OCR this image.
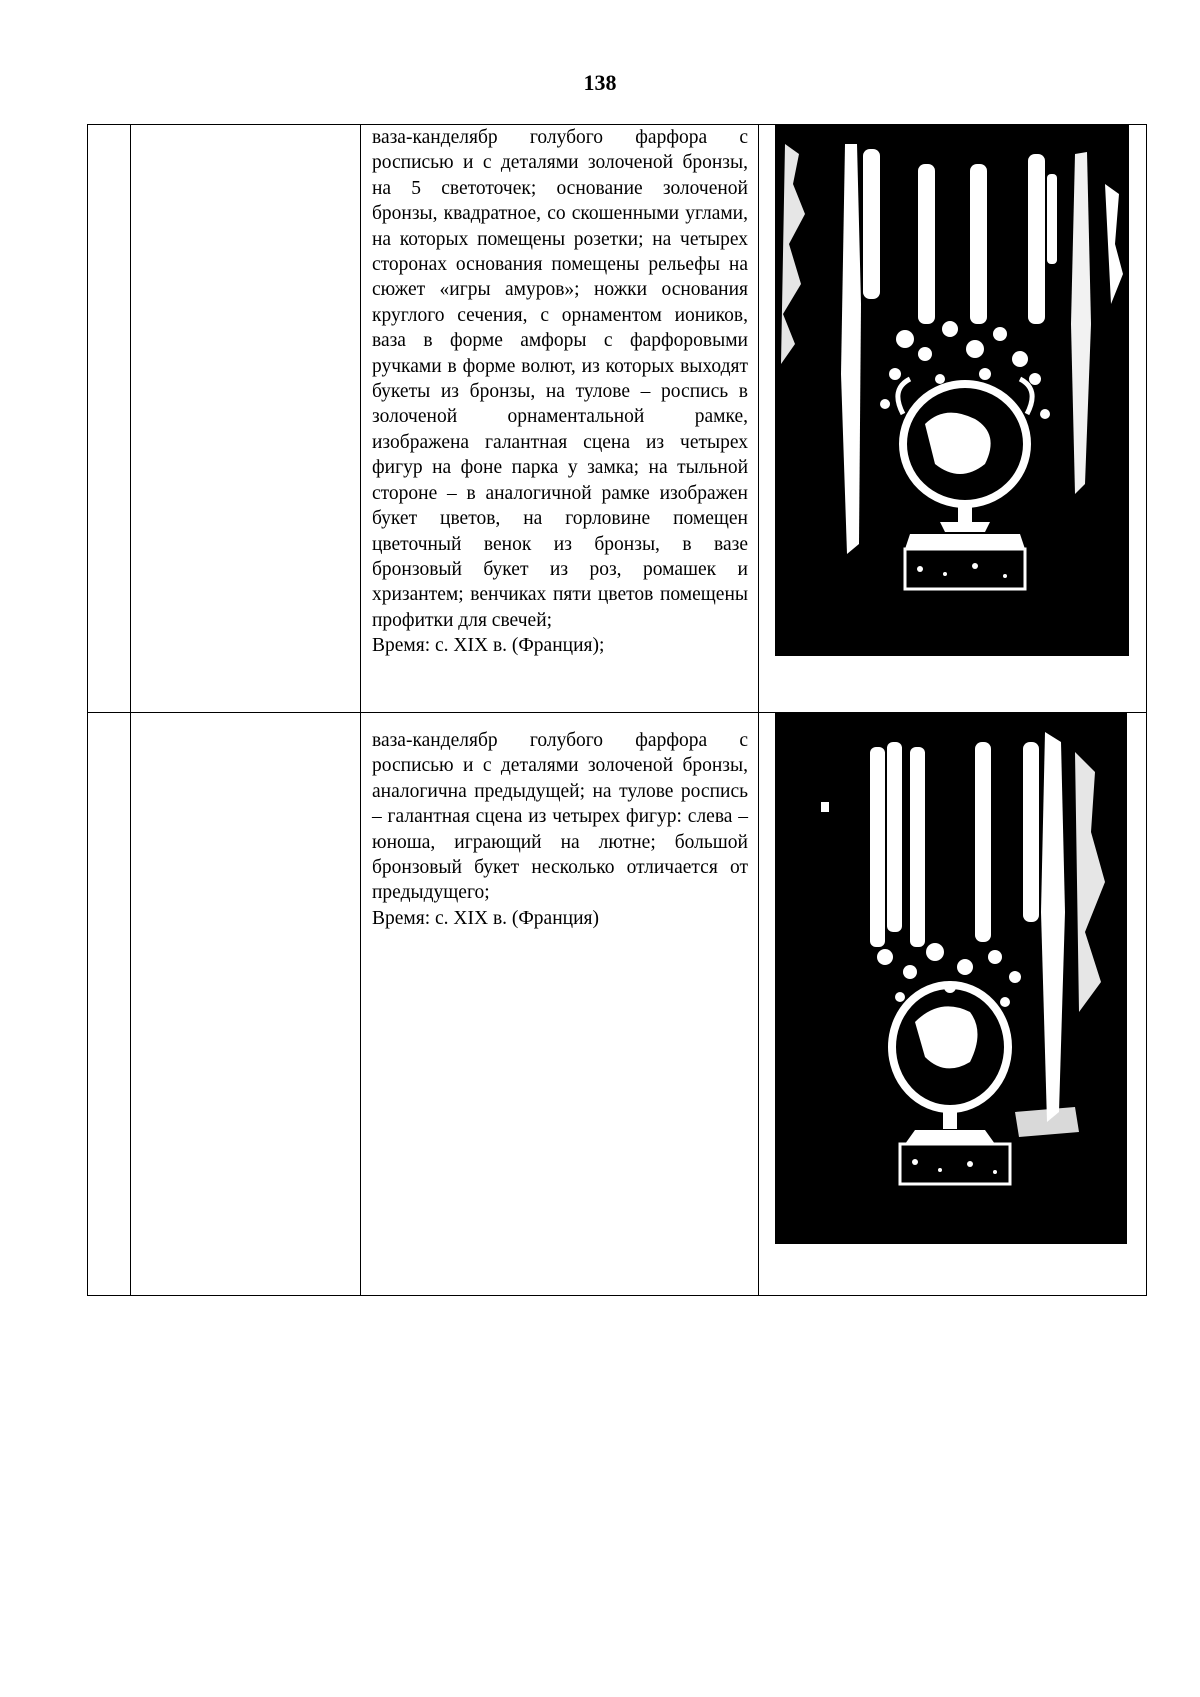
138

		ваза-канделябр голубого фарфора с росписью и с деталями золоченой бронзы, на 5 светоточек; основание золоченой бронзы, квадратное, со скошенными углами, на которых помещены розетки; на четырех сторонах основания помещены рельефы на сюжет «игры амуров»; ножки основания круглого сечения, с орнаментом иоников, ваза в форме амфоры с фарфоровыми ручками в форме волют, из которых выходят букеты из бронзы, на тулове – роспись в золоченой орнаментальной рамке, изображена галантная сцена из четырех фигур на фоне парка у замка; на тыльной стороне – в аналогичной рамке изображен букет цветов, на горловине помещен цветочный венок из бронзы, в вазе бронзовый букет из роз, ромашек и хризантем; венчиках пяти цветов помещены профитки для свечей;

Время: с. XIX в. (Франция);

		ваза-канделябр голубого фарфора с росписью и с деталями золоченой бронзы, аналогична предыдущей; на тулове роспись – галантная сцена из четырех фигур: слева – юноша, играющий на лютне; большой бронзовый букет несколько отличается от предыдущего;

Время: с. XIX в. (Франция)
